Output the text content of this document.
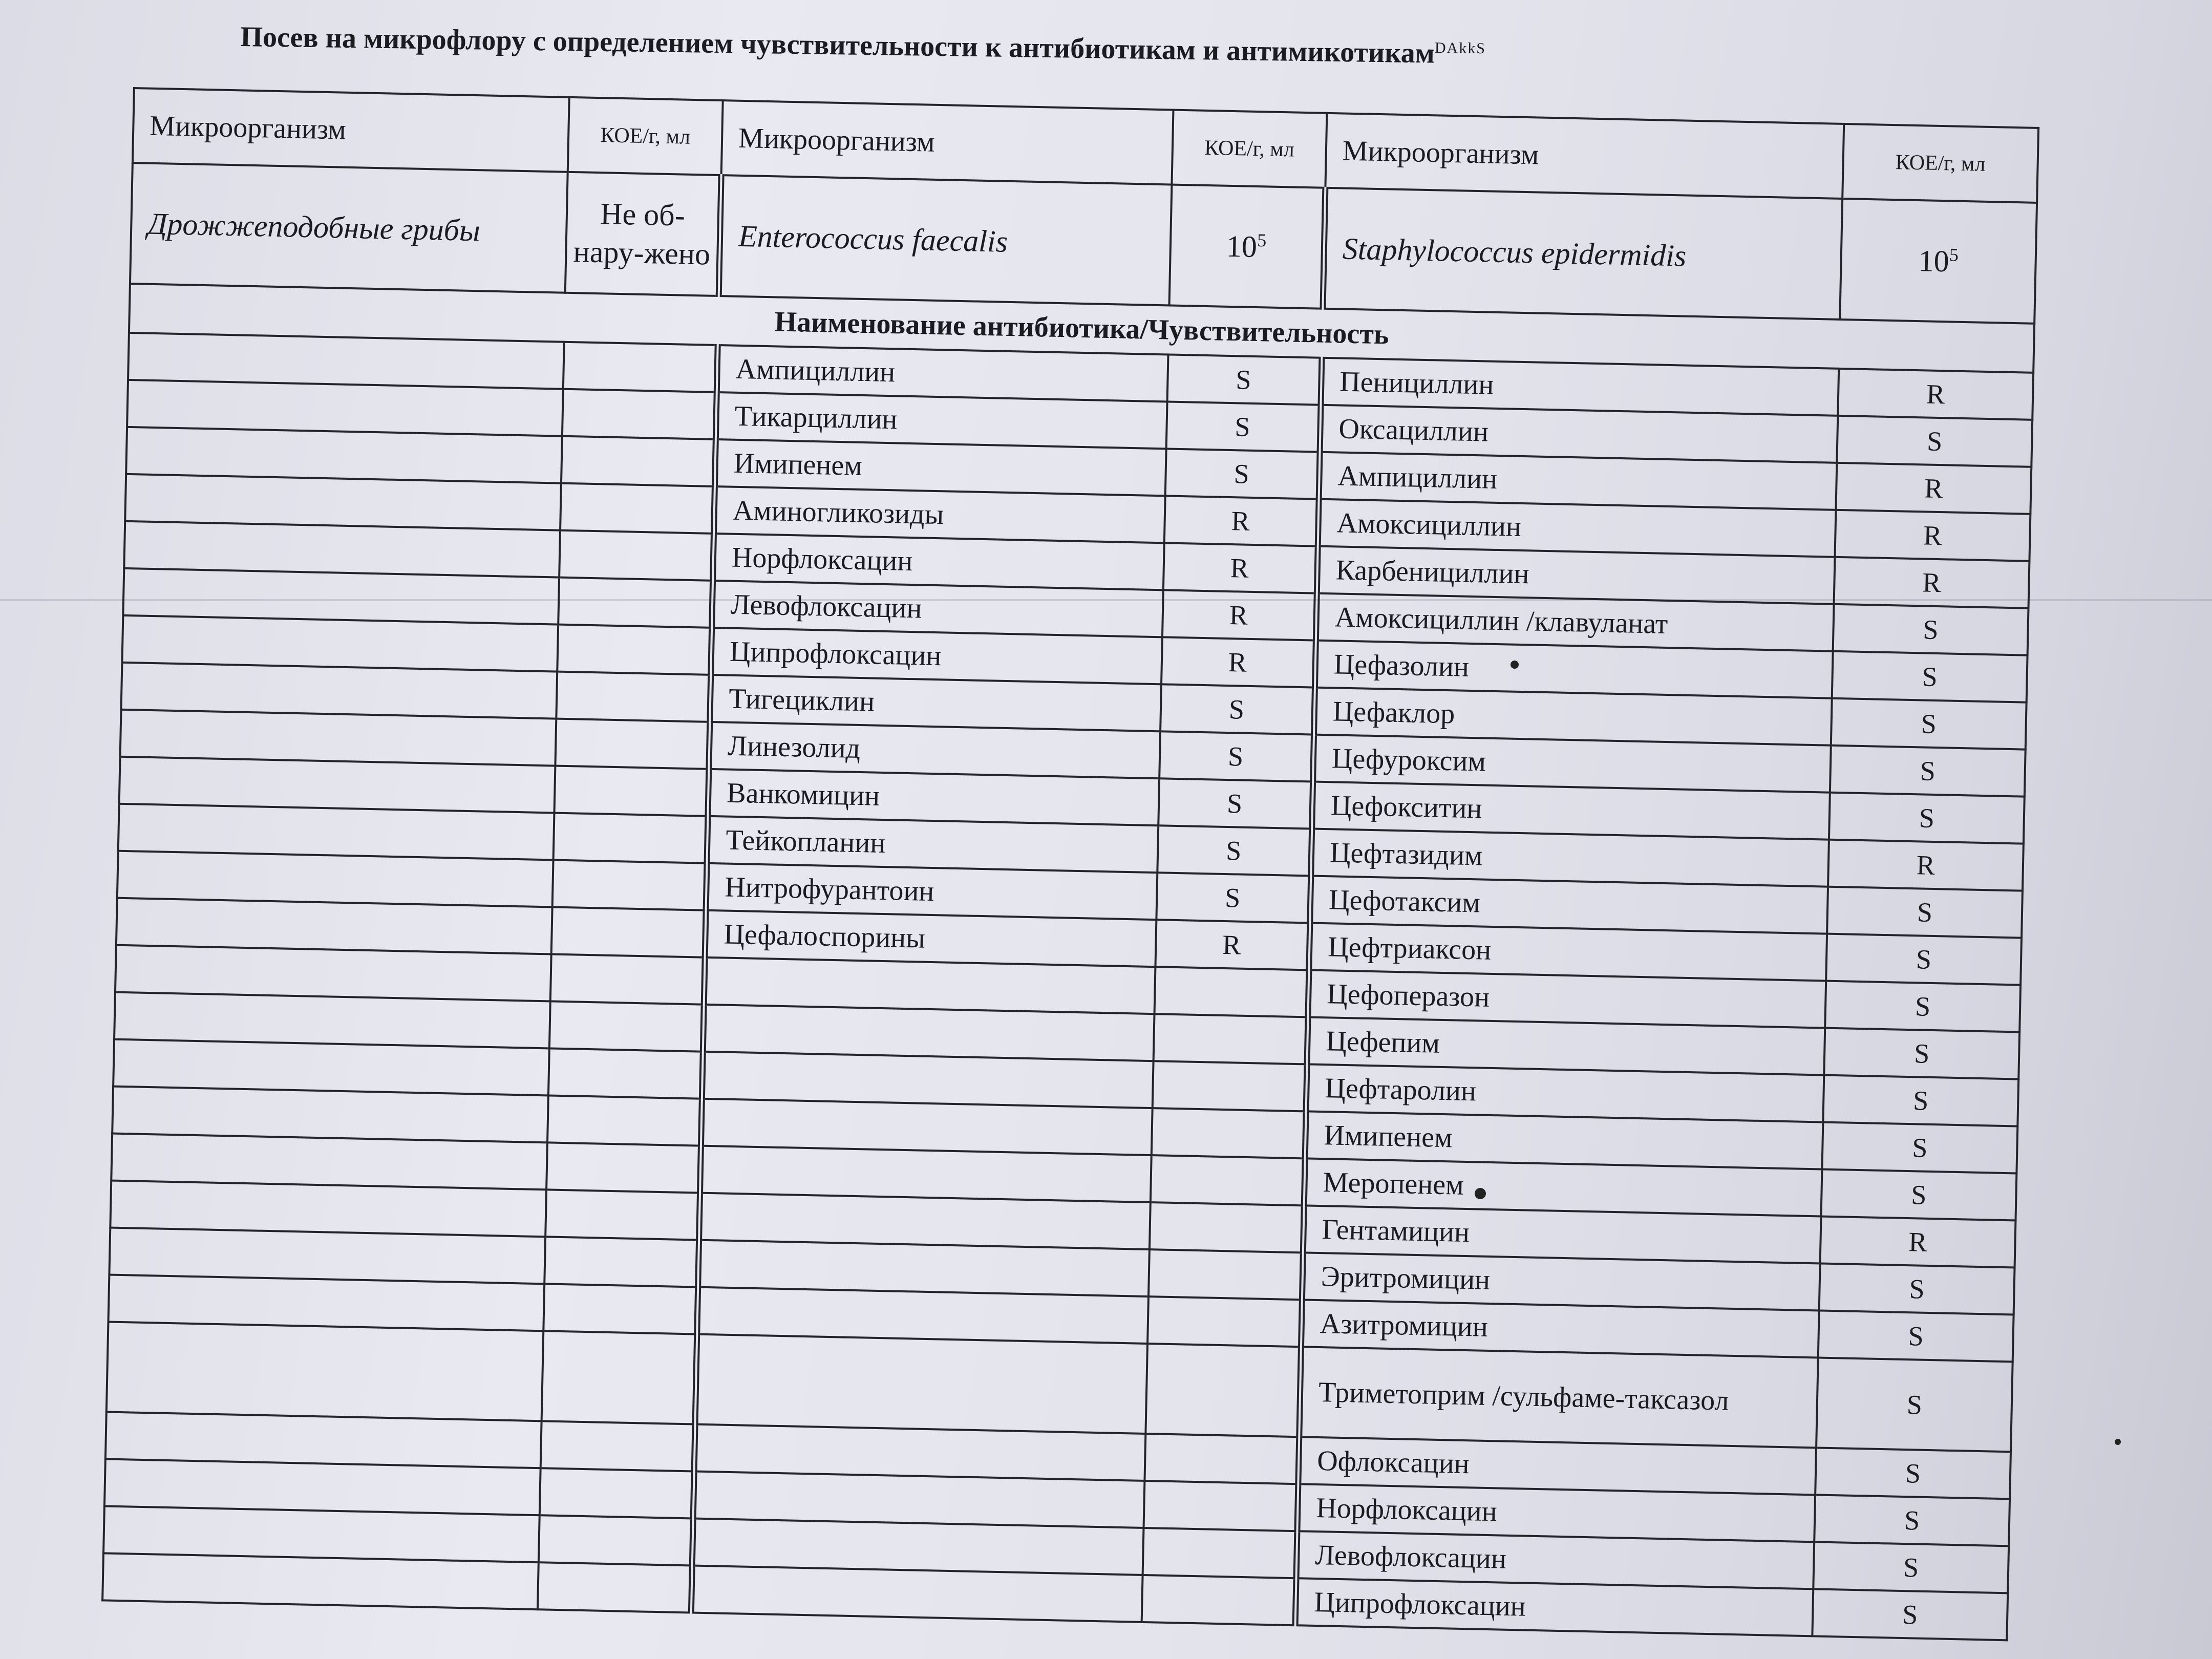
Посев на микрофлору с определением чувствительности к антибиотикам и антимикотикам$^{DAkkS}$
Микроорганизм	КОЕ/г, мл	Микроорганизм	КОЕ/г, мл	Микроорганизм	КОЕ/г, мл
Дрожжеподобные грибы	Не об-нару-жено	Enterococcus faecalis	$10^5$	Staphylococcus epidermidis	$10^5$
Наименование антибиотика/Чувствительность					
		Ампициллин	S	Пенициллин	R
		Тикарциллин	S	Оксациллин	S
		Имипенем	S	Ампициллин	R
		Аминогликозиды	R	Амоксициллин	R
		Норфлоксацин	R	Карбенициллин	R
		Левофлоксацин	R	Амоксициллин /клавуланат	S
		Ципрофлоксацин	R	Цефазолин	S
		Тигециклин	S	Цефаклор	S
		Линезолид	S	Цефуроксим	S
		Ванкомицин	S	Цефокситин	S
		Тейкопланин	S	Цефтазидим	R
		Нитрофурантоин	S	Цефотаксим	S
		Цефалоспорины	R	Цефтриаксон	S
				Цефоперазон	S
				Цефепим	S
				Цефтаролин	S
				Имипенем	S
				Меропенем	S
				Гентамицин	R
				Эритромицин	S
				Азитромицин	S
				Триметоприм /сульфаме-таксазол	S
				Офлоксацин	S
				Норфлоксацин	S
				Левофлоксацин	S
				Ципрофлоксацин	S
